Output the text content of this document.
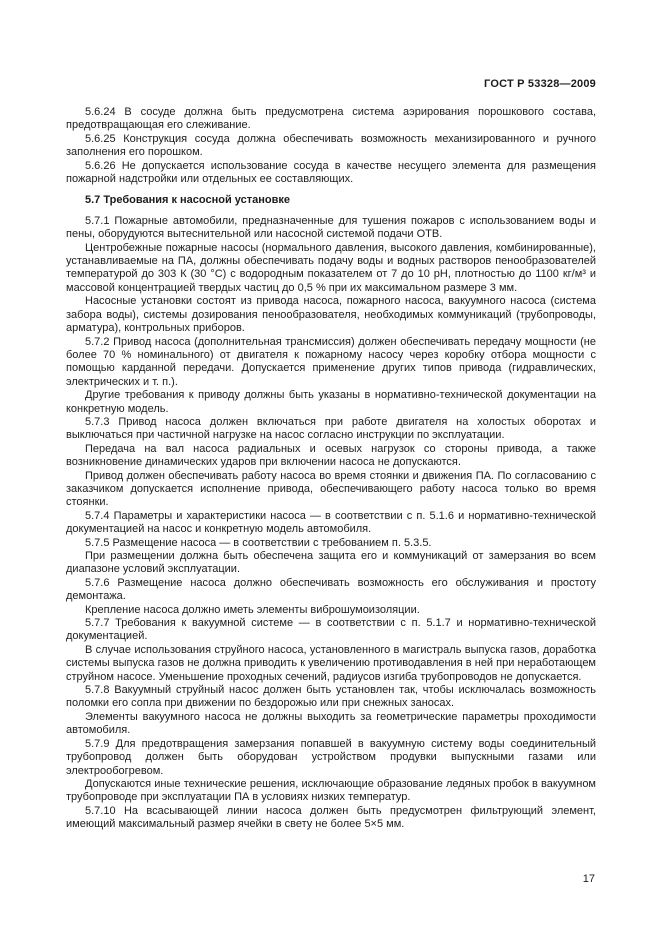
ГОСТ Р 53328—2009

5.6.24 В сосуде должна быть предусмотрена система аэрирования порошкового состава, предотвращающая его слеживание.

5.6.25 Конструкция сосуда должна обеспечивать возможность механизированного и ручного заполнения его порошком.

5.6.26 Не допускается использование сосуда в качестве несущего элемента для размещения пожарной надстройки или отдельных ее составляющих.

5.7 Требования к насосной установке

5.7.1 Пожарные автомобили, предназначенные для тушения пожаров с использованием воды и пены, оборудуются вытеснительной или насосной системой подачи ОТВ.

Центробежные пожарные насосы (нормального давления, высокого давления, комбинированные), устанавливаемые на ПА, должны обеспечивать подачу воды и водных растворов пенообразователей температурой до 303 К (30 °С) с водородным показателем от 7 до 10 pH, плотностью до 1100 кг/м³ и массовой концентрацией твердых частиц до 0,5 % при их максимальном размере 3 мм.

Насосные установки состоят из привода насоса, пожарного насоса, вакуумного насоса (система забора воды), системы дозирования пенообразователя, необходимых коммуникаций (трубопроводы, арматура), контрольных приборов.

5.7.2 Привод насоса (дополнительная трансмиссия) должен обеспечивать передачу мощности (не более 70 % номинального) от двигателя к пожарному насосу через коробку отбора мощности с помощью карданной передачи. Допускается применение других типов привода (гидравлических, электрических и т. п.).

Другие требования к приводу должны быть указаны в нормативно-технической документации на конкретную модель.

5.7.3 Привод насоса должен включаться при работе двигателя на холостых оборотах и выключаться при частичной нагрузке на насос согласно инструкции по эксплуатации.

Передача на вал насоса радиальных и осевых нагрузок со стороны привода, а также возникновение динамических ударов при включении насоса не допускаются.

Привод должен обеспечивать работу насоса во время стоянки и движения ПА. По согласованию с заказчиком допускается исполнение привода, обеспечивающего работу насоса только во время стоянки.

5.7.4 Параметры и характеристики насоса — в соответствии с п. 5.1.6 и нормативно-технической документацией на насос и конкретную модель автомобиля.

5.7.5 Размещение насоса — в соответствии с требованием п. 5.3.5.

При размещении должна быть обеспечена защита его и коммуникаций от замерзания во всем диапазоне условий эксплуатации.

5.7.6 Размещение насоса должно обеспечивать возможность его обслуживания и простоту демонтажа.

Крепление насоса должно иметь элементы виброшумоизоляции.

5.7.7 Требования к вакуумной системе — в соответствии с п. 5.1.7 и нормативно-технической документацией.

В случае использования струйного насоса, установленного в магистраль выпуска газов, доработка системы выпуска газов не должна приводить к увеличению противодавления в ней при неработающем струйном насосе. Уменьшение проходных сечений, радиусов изгиба трубопроводов не допускается.

5.7.8 Вакуумный струйный насос должен быть установлен так, чтобы исключалась возможность поломки его сопла при движении по бездорожью или при снежных заносах.

Элементы вакуумного насоса не должны выходить за геометрические параметры проходимости автомобиля.

5.7.9 Для предотвращения замерзания попавшей в вакуумную систему воды соединительный трубопровод должен быть оборудован устройством продувки выпускными газами или электрообогревом.

Допускаются иные технические решения, исключающие образование ледяных пробок в вакуумном трубопроводе при эксплуатации ПА в условиях низких температур.

5.7.10 На всасывающей линии насоса должен быть предусмотрен фильтрующий элемент, имеющий максимальный размер ячейки в свету не более 5×5 мм.

17
